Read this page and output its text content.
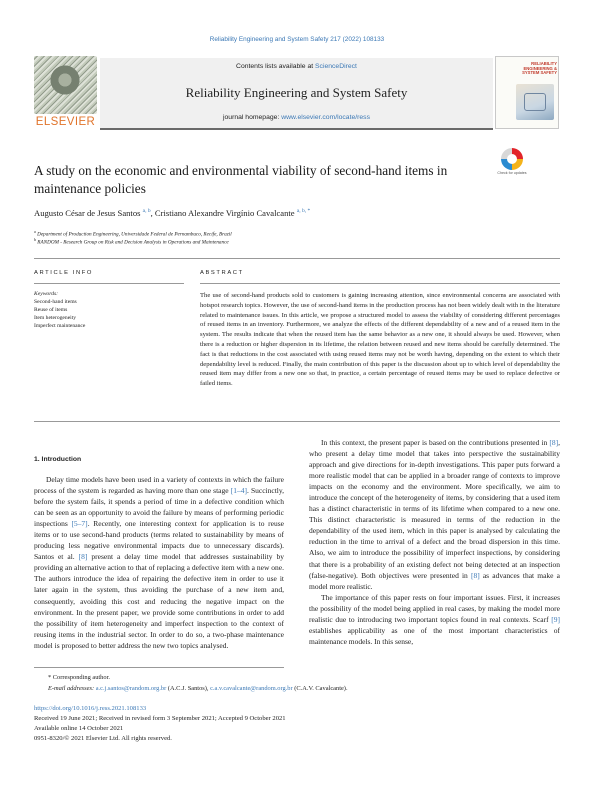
Reliability Engineering and System Safety 217 (2022) 108133
ELSEVIER
Contents lists available at ScienceDirect
Reliability Engineering and System Safety
journal homepage: www.elsevier.com/locate/ress
RELIABILITY ENGINEERING & SYSTEM SAFETY
A study on the economic and environmental viability of second-hand items in maintenance policies
Check for updates
Augusto César de Jesus Santos $^{a, b}$, Cristiano Alexandre Virgínio Cavalcante $^{a, b, *}$
$^a$ Department of Production Engineering, Universidade Federal de Pernambuco, Recife, Brazil
$^b$ RANDOM - Research Group on Risk and Decision Analysis in Operations and Maintenance
ARTICLE INFO	ABSTRACT
Keywords:
Second-hand items
Reuse of items
Item heterogeneity
Imperfect maintenance
The use of second-hand products sold to customers is gaining increasing attention, since environmental concerns are associated with hotspot research topics. However, the use of second-hand items in the production process has not been widely dealt with in the literature related to maintenance issues. In this article, we propose a structured model to assess the viability of considering different percentages of reused items in an inventory. Furthermore, we analyze the effects of the different dependability of a new and of a reused item in the system. The results indicate that when the reused item has the same behavior as a new one, it should always be used. However, when there is a reduction or higher dispersion in its lifetime, the relation between reused and new items should be carefully determined. The fact is that reductions in the cost associated with using reused items may not be worth having, depending on the extent to which their dependability level is reduced. Finally, the main contribution of this paper is the discussion about up to which level of dependability the reused item may differ from a new one so that, in practice, a certain percentage of reused items may be used to replace defective or failed items.
1. Introduction

Delay time models have been used in a variety of contexts in which the failure process of the system is regarded as having more than one stage [1–4]. Succinctly, before the system fails, it spends a period of time in a defective condition which can be seen as an opportunity to avoid the failure by means of performing periodic inspections [5–7]. Recently, one interesting context for application is to reuse items or to use second-hand products (terms related to sustainability by means of producing less negative environmental impacts due to unnecessary discards). Santos et al. [8] present a delay time model that addresses sustainability by providing an alternative action to that of replacing a defective item with a new one. The authors introduce the idea of repairing the defective item in order to use it later again in the system, thus avoiding the purchase of a new item and, consequently, avoiding this cost and reducing the negative impact on the environment. In the present paper, we provide some contributions in order to add the possibility of item heterogeneity and imperfect inspection to the context of reusing items in the industrial sector. In order to do so, a two-phase maintenance model is proposed to better address the new two topics analysed.

In this context, the present paper is based on the contributions presented in [8], who present a delay time model that takes into perspective the sustainability approach and give directions for in-depth investigations. This paper puts forward a more realistic model that can be applied in a broader range of contexts to improve impacts on the economy and the environment. More specifically, we aim to introduce the concept of the heterogeneity of items, by considering that a used item has a distinct characteristic in terms of its lifetime when compared to a new one. This distinct characteristic is measured in terms of the reduction in the dependability of the used item, which in this paper is analysed by calculating the reduction in the time to arrival of a defect and the broad dispersion in this time. Also, we aim to introduce the possibility of imperfect inspections, by considering that there is a probability of an existing defect not being detected at an inspection (false-negative). Both objectives were presented in [8] as advances that make a model more realistic.

The importance of this paper rests on four important issues. First, it increases the possibility of the model being applied in real cases, by making the model more realistic due to introducing two important topics found in real contexts. Scarf [9] establishes applicability as one of the most important characteristics of maintenance models. In this sense,

* Corresponding author.
E-mail addresses: a.c.j.santos@random.org.br (A.C.J. Santos), c.a.v.cavalcante@random.org.br (C.A.V. Cavalcante).
https://doi.org/10.1016/j.ress.2021.108133
Received 19 June 2021; Received in revised form 3 September 2021; Accepted 9 October 2021
Available online 14 October 2021
0951-8320/© 2021 Elsevier Ltd. All rights reserved.
